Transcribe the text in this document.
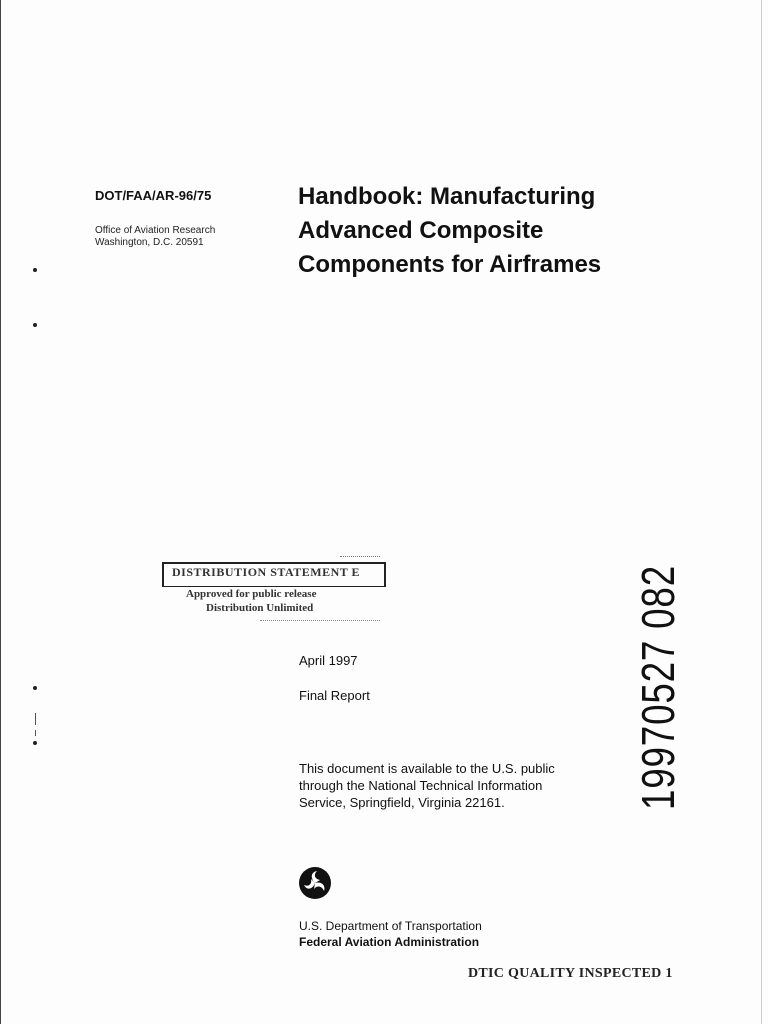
DOT/FAA/AR-96/75
Office of Aviation Research
Washington, D.C. 20591
Handbook: Manufacturing
Advanced Composite
Components for Airframes
DISTRIBUTION STATEMENT E
Approved for public release
Distribution Unlimited
April 1997
Final Report
This document is available to the U.S. public
through the National Technical Information
Service, Springfield, Virginia 22161.
U.S. Department of Transportation
Federal Aviation Administration
19970527 082
DTIC QUALITY INSPECTED 1
